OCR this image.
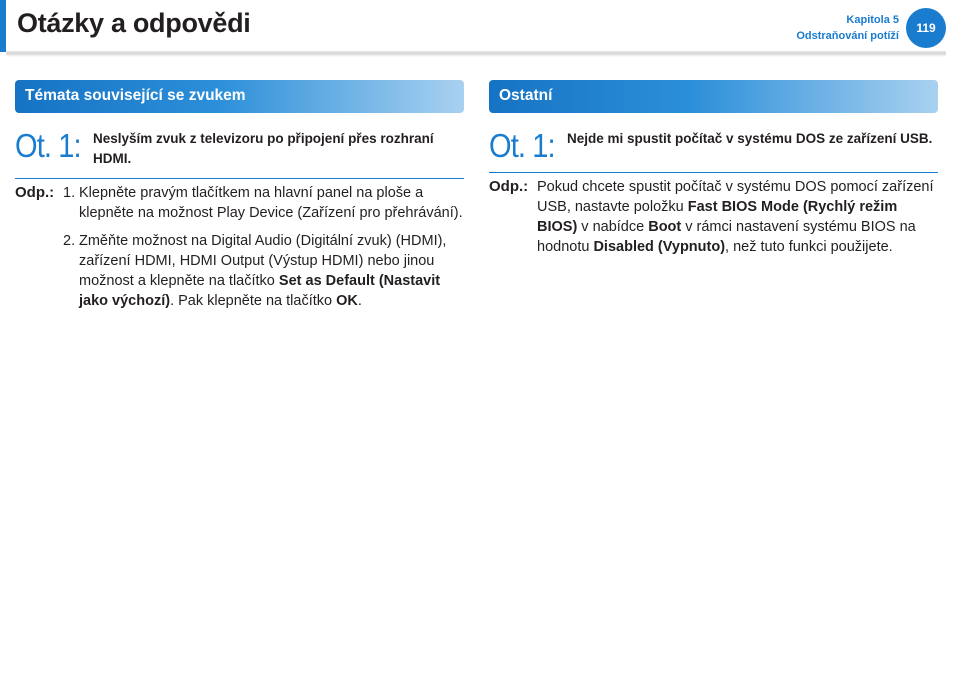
Otázky a odpovědi	Kapitola 5
Odstraňování potíží
119
Témata související se zvukem
Ot. 1: Neslyším zvuk z televizoru po připojení přes rozhraní HDMI.
Odp.: 1. Klepněte pravým tlačítkem na hlavní panel na ploše a klepněte na možnost Play Device (Zařízení pro přehrávání).
2. Změňte možnost na Digital Audio (Digitální zvuk) (HDMI), zařízení HDMI, HDMI Output (Výstup HDMI) nebo jinou možnost a klepněte na tlačítko Set as Default (Nastavit jako výchozí). Pak klepněte na tlačítko OK.
Ostatní
Ot. 1: Nejde mi spustit počítač v systému DOS ze zařízení USB.
Odp.: Pokud chcete spustit počítač v systému DOS pomocí zařízení USB, nastavte položku Fast BIOS Mode (Rychlý režim BIOS) v nabídce Boot v rámci nastavení systému BIOS na hodnotu Disabled (Vypnuto), než tuto funkci použijete.
